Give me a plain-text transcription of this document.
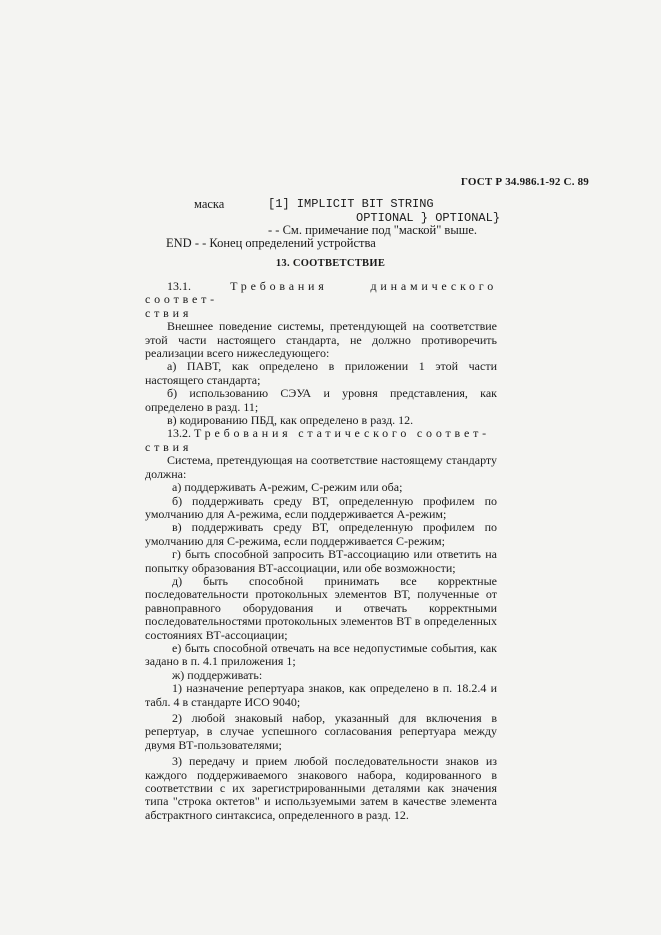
ГОСТ Р 34.986.1-92 С. 89
маска	[1] IMPLICIT BIT STRING
OPTIONAL } OPTIONAL}
- - См. примечание под "маской" выше.
END - - Конец определений устройства
13. СООТВЕТСТВИЕ

13.1.	Требования динамического соответ-

ствия

Внешнее поведение системы, претендующей на соответствие этой части настоящего стандарта, не должно противоречить реализации всего нижеследующего:

а) ПАВТ, как определено в приложении 1 этой части настоящего стандарта;

б) использованию СЭУА и уровня представления, как определено в разд. 11;

в) кодированию ПБД, как определено в разд. 12.

13.2. Требования статического соответ-

ствия

Система, претендующая на соответствие настоящему стандарту должна:

а) поддерживать А-режим, С-режим или оба;

б) поддерживать среду ВТ, определенную профилем по умолчанию для А-режима, если поддерживается А-режим;

в) поддерживать среду ВТ, определенную профилем по умолчанию для С-режима, если поддерживается С-режим;

г) быть способной запросить ВТ-ассоциацию или ответить на попытку образования ВТ-ассоциации, или обе возможности;

д) быть способной принимать все корректные последовательности протокольных элементов ВТ, полученные от равноправного оборудования и отвечать корректными последовательностями протокольных элементов ВТ в определенных состояниях ВТ-ассоциации;

е) быть способной отвечать на все недопустимые события, как задано в п. 4.1 приложения 1;

ж) поддерживать:

1) назначение репертуара знаков, как определено в п. 18.2.4 и табл. 4 в стандарте ИСО 9040;

2) любой знаковый набор, указанный для включения в репертуар, в случае успешного согласования репертуара между двумя ВТ-пользователями;

3) передачу и прием любой последовательности знаков из каждого поддерживаемого знакового набора, кодированного в соответствии с их зарегистрированными деталями как значения типа "строка октетов" и используемыми затем в качестве элемента абстрактного синтаксиса, определенного в разд. 12.
